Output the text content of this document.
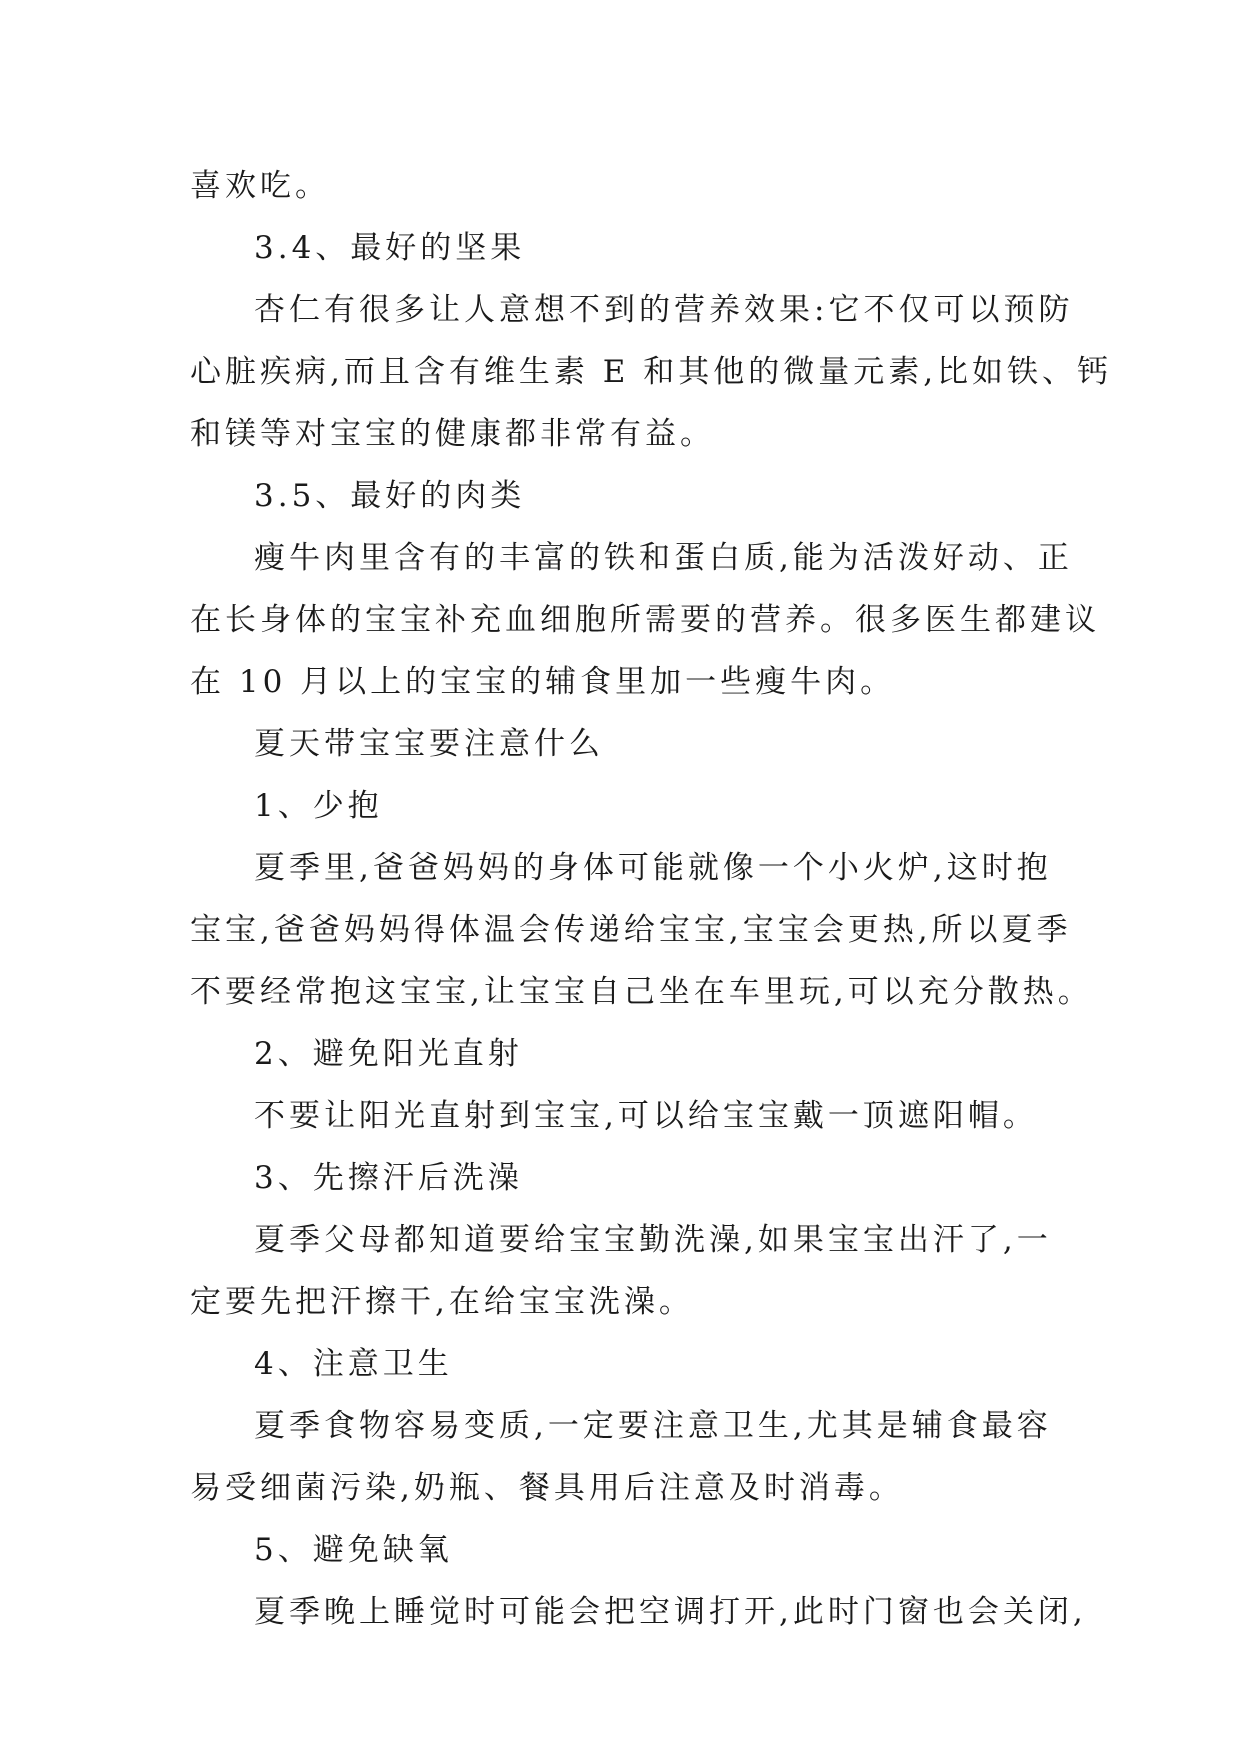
喜欢吃。
3.4、最好的坚果
杏仁有很多让人意想不到的营养效果:它不仅可以预防
心脏疾病,而且含有维生素 E 和其他的微量元素,比如铁、钙
和镁等对宝宝的健康都非常有益。
3.5、最好的肉类
瘦牛肉里含有的丰富的铁和蛋白质,能为活泼好动、正
在长身体的宝宝补充血细胞所需要的营养。很多医生都建议
在 10 月以上的宝宝的辅食里加一些瘦牛肉。
夏天带宝宝要注意什么
1、少抱
夏季里,爸爸妈妈的身体可能就像一个小火炉,这时抱
宝宝,爸爸妈妈得体温会传递给宝宝,宝宝会更热,所以夏季
不要经常抱这宝宝,让宝宝自己坐在车里玩,可以充分散热。
2、避免阳光直射
不要让阳光直射到宝宝,可以给宝宝戴一顶遮阳帽。
3、先擦汗后洗澡
夏季父母都知道要给宝宝勤洗澡,如果宝宝出汗了,一
定要先把汗擦干,在给宝宝洗澡。
4、注意卫生
夏季食物容易变质,一定要注意卫生,尤其是辅食最容
易受细菌污染,奶瓶、餐具用后注意及时消毒。
5、避免缺氧
夏季晚上睡觉时可能会把空调打开,此时门窗也会关闭,
